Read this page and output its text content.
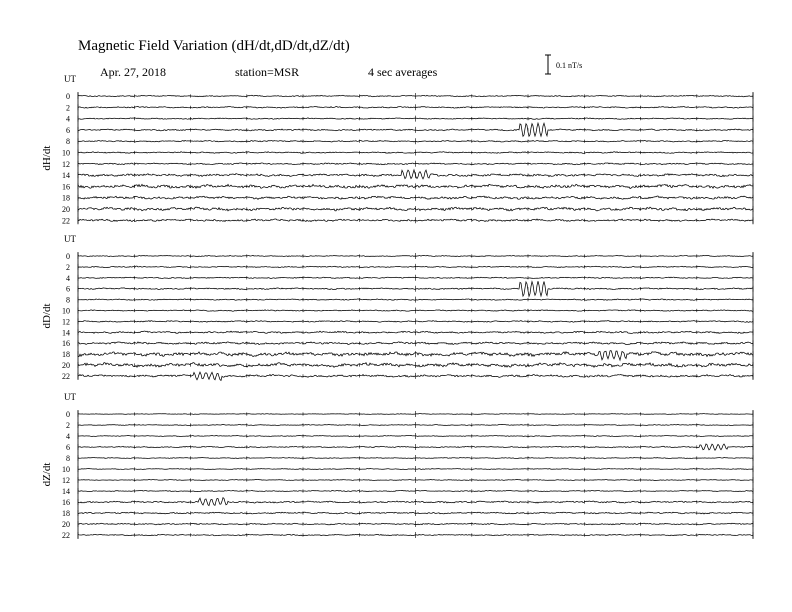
UT
dH/dt
0
2
4
6
8
10
12
14
16
18
20
22
UT
dD/dt
0
2
4
6
8
10
12
14
16
18
20
22
UT
dZ/dt
0
2
4
6
8
10
12
14
16
18
20
22
Magnetic Field Variation (dH/dt,dD/dt,dZ/dt)
Apr. 27, 2018	station=MSR	4 sec averages	0.1 nT/s
